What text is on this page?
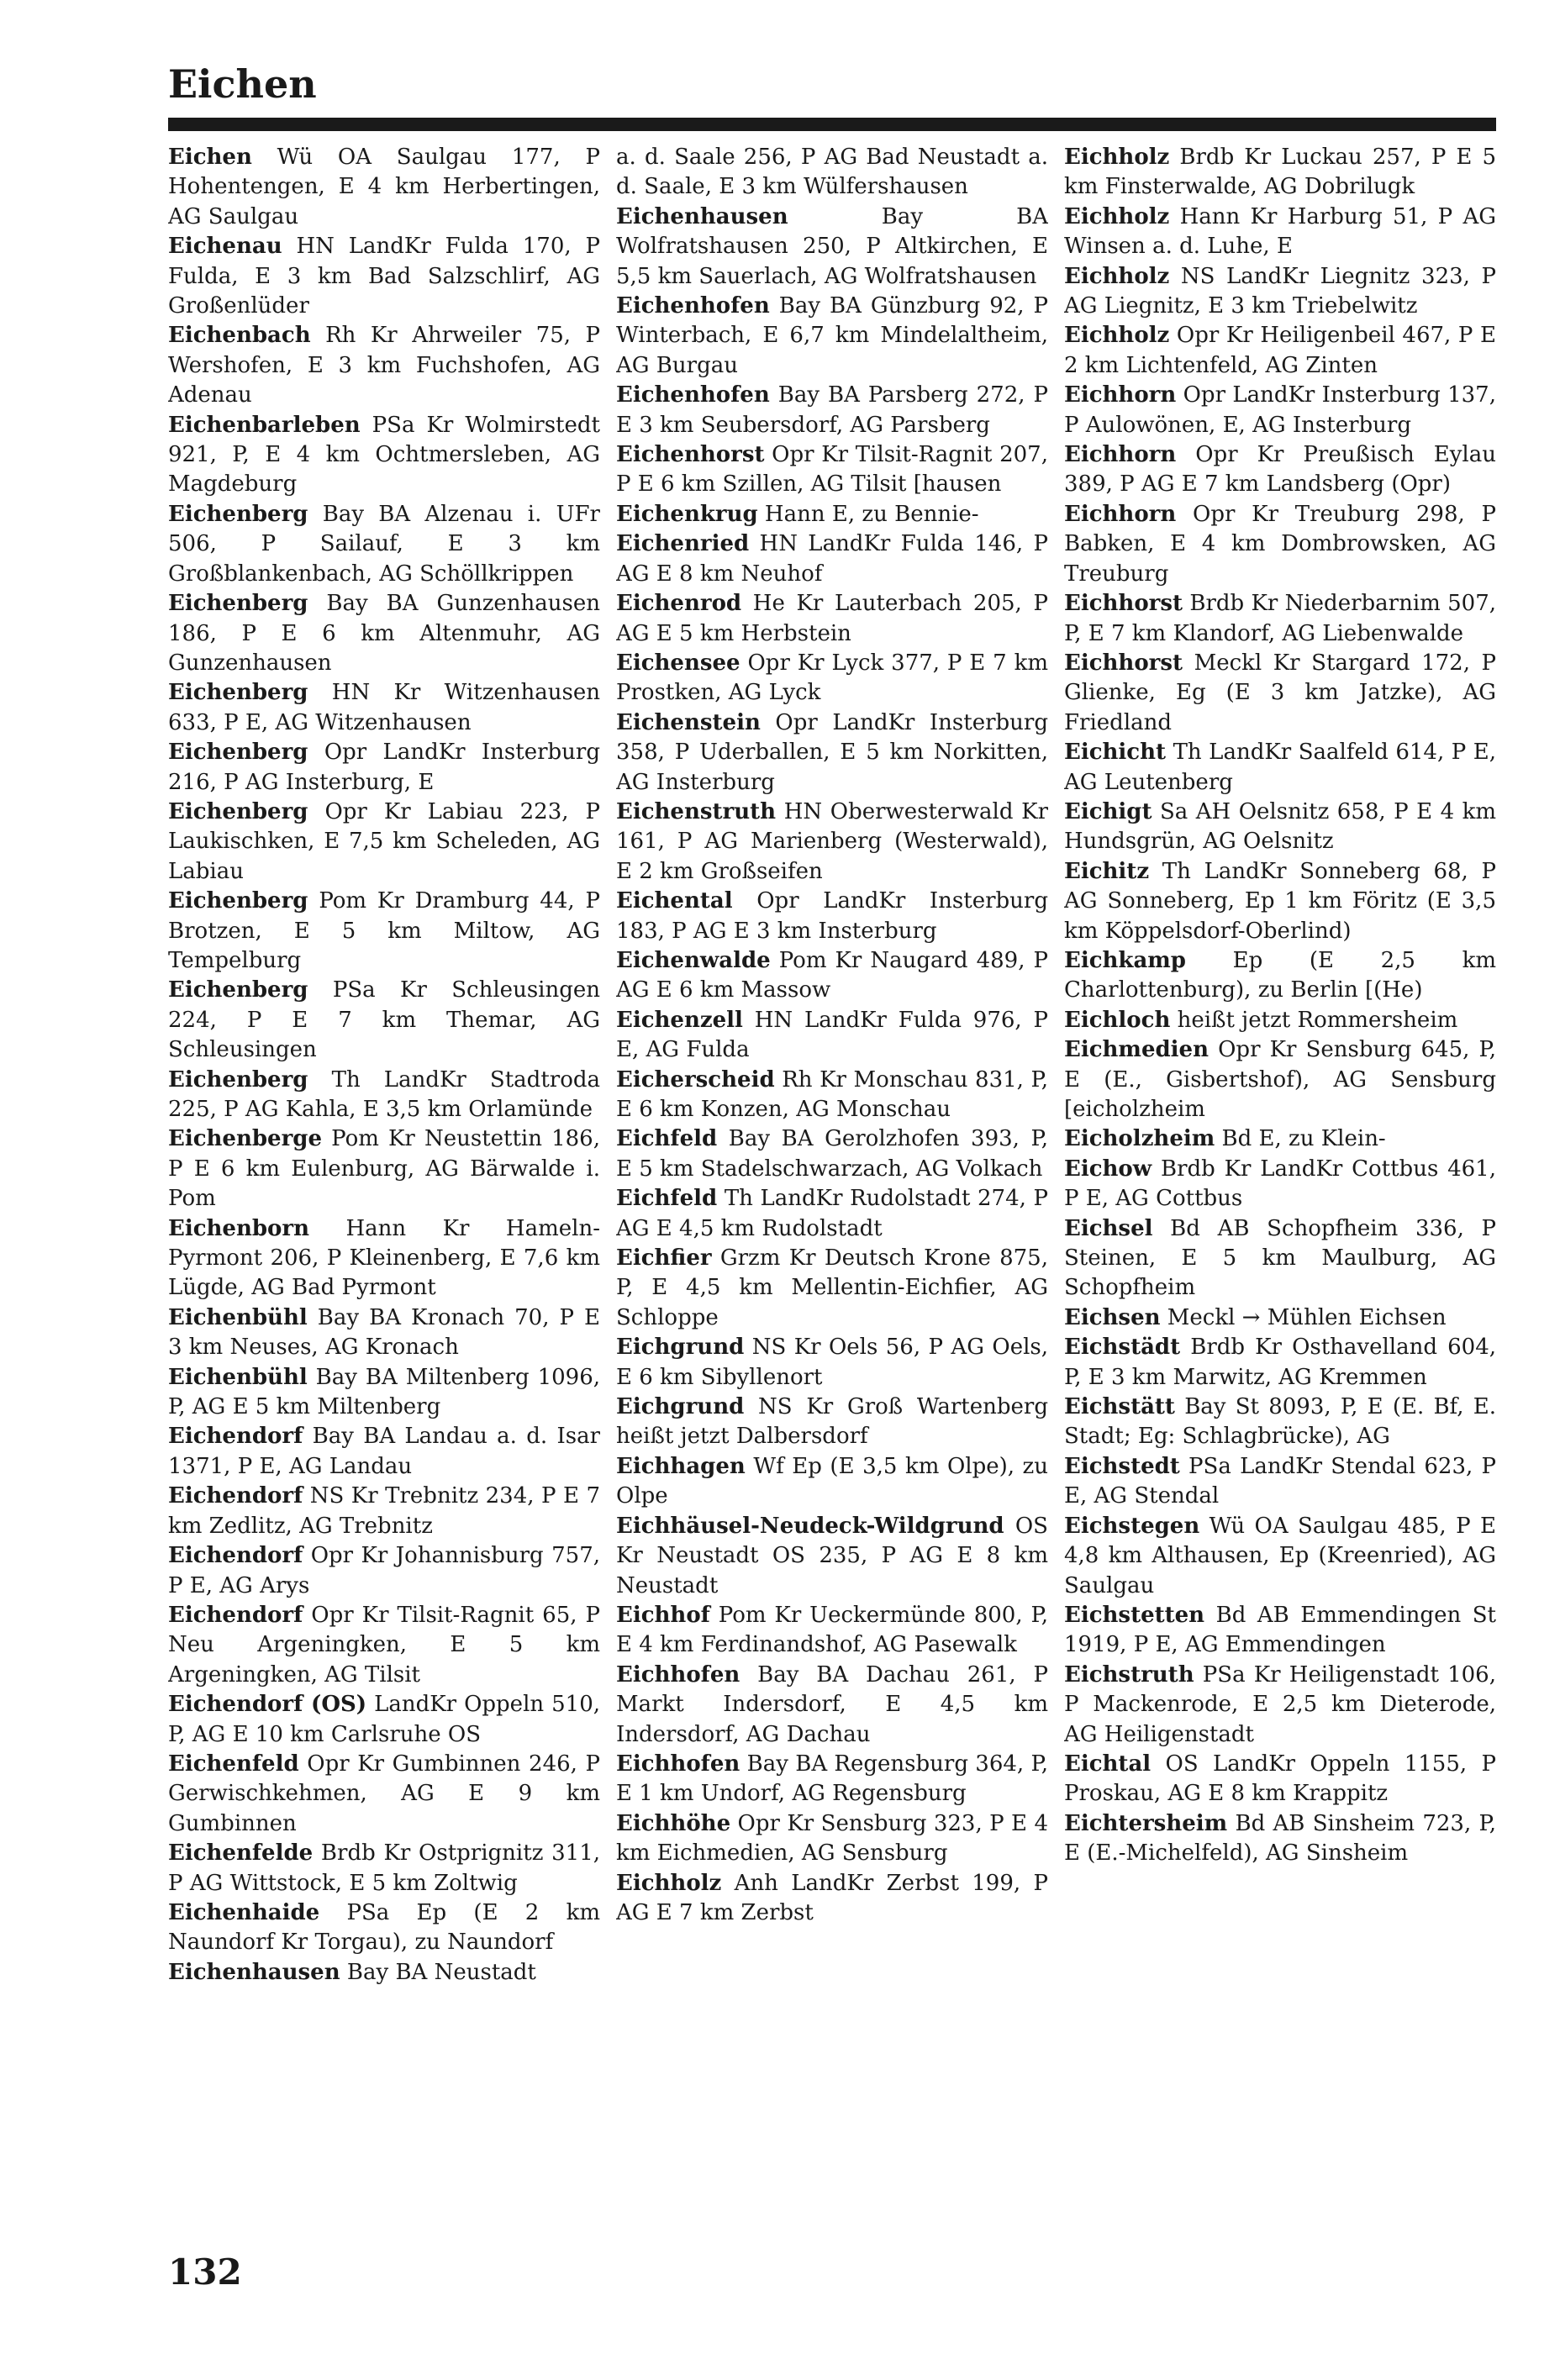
Eichen
Eichen Wü OA Saulgau 177, P Hohentengen, E 4 km Herbertingen, AG Saulgau
Eichenau HN LandKr Fulda 170, P Fulda, E 3 km Bad Salzschlirf, AG Großenlüder
Eichenbach Rh Kr Ahrweiler 75, P Wershofen, E 3 km Fuchshofen, AG Adenau
Eichenbarleben PSa Kr Wolmirstedt 921, P, E 4 km Ochtmersleben, AG Magdeburg
Eichenberg Bay BA Alzenau i. UFr 506, P Sailauf, E 3 km Großblankenbach, AG Schöllkrippen
Eichenberg Bay BA Gunzenhausen 186, P E 6 km Altenmuhr, AG Gunzenhausen
Eichenberg HN Kr Witzenhausen 633, P E, AG Witzenhausen
Eichenberg Opr LandKr Insterburg 216, P AG Insterburg, E
Eichenberg Opr Kr Labiau 223, P Laukischken, E 7,5 km Scheleden, AG Labiau
Eichenberg Pom Kr Dramburg 44, P Brotzen, E 5 km Miltow, AG Tempelburg
Eichenberg PSa Kr Schleusingen 224, P E 7 km Themar, AG Schleusingen
Eichenberg Th LandKr Stadtroda 225, P AG Kahla, E 3,5 km Orlamünde
Eichenberge Pom Kr Neustettin 186, P E 6 km Eulenburg, AG Bärwalde i. Pom
Eichenborn Hann Kr Hameln-Pyrmont 206, P Kleinenberg, E 7,6 km Lügde, AG Bad Pyrmont
Eichenbühl Bay BA Kronach 70, P E 3 km Neuses, AG Kronach
Eichenbühl Bay BA Miltenberg 1096, P, AG E 5 km Miltenberg
Eichendorf Bay BA Landau a. d. Isar 1371, P E, AG Landau
Eichendorf NS Kr Trebnitz 234, P E 7 km Zedlitz, AG Trebnitz
Eichendorf Opr Kr Johannisburg 757, P E, AG Arys
Eichendorf Opr Kr Tilsit-Ragnit 65, P Neu Argeningken, E 5 km Argeningken, AG Tilsit
Eichendorf (OS) LandKr Oppeln 510, P, AG E 10 km Carlsruhe OS
Eichenfeld Opr Kr Gumbinnen 246, P Gerwischkehmen, AG E 9 km Gumbinnen
Eichenfelde Brdb Kr Ostprignitz 311, P AG Wittstock, E 5 km Zoltwig
Eichenhaide PSa Ep (E 2 km Naundorf Kr Torgau), zu Naundorf
Eichenhausen Bay BA Neustadt
a. d. Saale 256, P AG Bad Neustadt a. d. Saale, E 3 km Wülfershausen
Eichenhausen Bay BA Wolfratshausen 250, P Altkirchen, E 5,5 km Sauerlach, AG Wolfratshausen
Eichenhofen Bay BA Günzburg 92, P Winterbach, E 6,7 km Mindelaltheim, AG Burgau
Eichenhofen Bay BA Parsberg 272, P E 3 km Seubersdorf, AG Parsberg
Eichenhorst Opr Kr Tilsit-Ragnit 207, P E 6 km Szillen, AG Tilsit [hausen
Eichenkrug Hann E, zu Bennie-
Eichenried HN LandKr Fulda 146, P AG E 8 km Neuhof
Eichenrod He Kr Lauterbach 205, P AG E 5 km Herbstein
Eichensee Opr Kr Lyck 377, P E 7 km Prostken, AG Lyck
Eichenstein Opr LandKr Insterburg 358, P Uderballen, E 5 km Norkitten, AG Insterburg
Eichenstruth HN Oberwesterwald Kr 161, P AG Marienberg (Westerwald), E 2 km Großseifen
Eichental Opr LandKr Insterburg 183, P AG E 3 km Insterburg
Eichenwalde Pom Kr Naugard 489, P AG E 6 km Massow
Eichenzell HN LandKr Fulda 976, P E, AG Fulda
Eicherscheid Rh Kr Monschau 831, P, E 6 km Konzen, AG Monschau
Eichfeld Bay BA Gerolzhofen 393, P, E 5 km Stadelschwarzach, AG Volkach
Eichfeld Th LandKr Rudolstadt 274, P AG E 4,5 km Rudolstadt
Eichfier Grzm Kr Deutsch Krone 875, P, E 4,5 km Mellentin-Eichfier, AG Schloppe
Eichgrund NS Kr Oels 56, P AG Oels, E 6 km Sibyllenort
Eichgrund NS Kr Groß Wartenberg heißt jetzt Dalbersdorf
Eichhagen Wf Ep (E 3,5 km Olpe), zu Olpe
Eichhäusel-Neudeck-Wildgrund OS Kr Neustadt OS 235, P AG E 8 km Neustadt
Eichhof Pom Kr Ueckermünde 800, P, E 4 km Ferdinandshof, AG Pasewalk
Eichhofen Bay BA Dachau 261, P Markt Indersdorf, E 4,5 km Indersdorf, AG Dachau
Eichhofen Bay BA Regensburg 364, P, E 1 km Undorf, AG Regensburg
Eichhöhe Opr Kr Sensburg 323, P E 4 km Eichmedien, AG Sensburg
Eichholz Anh LandKr Zerbst 199, P AG E 7 km Zerbst
Eichholz Brdb Kr Luckau 257, P E 5 km Finsterwalde, AG Dobrilugk
Eichholz Hann Kr Harburg 51, P AG Winsen a. d. Luhe, E
Eichholz NS LandKr Liegnitz 323, P AG Liegnitz, E 3 km Triebelwitz
Eichholz Opr Kr Heiligenbeil 467, P E 2 km Lichtenfeld, AG Zinten
Eichhorn Opr LandKr Insterburg 137, P Aulowönen, E, AG Insterburg
Eichhorn Opr Kr Preußisch Eylau 389, P AG E 7 km Landsberg (Opr)
Eichhorn Opr Kr Treuburg 298, P Babken, E 4 km Dombrowsken, AG Treuburg
Eichhorst Brdb Kr Niederbarnim 507, P, E 7 km Klandorf, AG Liebenwalde
Eichhorst Meckl Kr Stargard 172, P Glienke, Eg (E 3 km Jatzke), AG Friedland
Eichicht Th LandKr Saalfeld 614, P E, AG Leutenberg
Eichigt Sa AH Oelsnitz 658, P E 4 km Hundsgrün, AG Oelsnitz
Eichitz Th LandKr Sonneberg 68, P AG Sonneberg, Ep 1 km Föritz (E 3,5 km Köppelsdorf-Oberlind)
Eichkamp Ep (E 2,5 km Charlottenburg), zu Berlin [(He)
Eichloch heißt jetzt Rommersheim
Eichmedien Opr Kr Sensburg 645, P, E (E., Gisbertshof), AG Sensburg [eicholzheim
Eicholzheim Bd E, zu Klein-
Eichow Brdb Kr LandKr Cottbus 461, P E, AG Cottbus
Eichsel Bd AB Schopfheim 336, P Steinen, E 5 km Maulburg, AG Schopfheim
Eichsen Meckl → Mühlen Eichsen
Eichstädt Brdb Kr Osthavelland 604, P, E 3 km Marwitz, AG Kremmen
Eichstätt Bay St 8093, P, E (E. Bf, E. Stadt; Eg: Schlagbrücke), AG
Eichstedt PSa LandKr Stendal 623, P E, AG Stendal
Eichstegen Wü OA Saulgau 485, P E 4,8 km Althausen, Ep (Kreenried), AG Saulgau
Eichstetten Bd AB Emmendingen St 1919, P E, AG Emmendingen
Eichstruth PSa Kr Heiligenstadt 106, P Mackenrode, E 2,5 km Dieterode, AG Heiligenstadt
Eichtal OS LandKr Oppeln 1155, P Proskau, AG E 8 km Krappitz
Eichtersheim Bd AB Sinsheim 723, P, E (E.-Michelfeld), AG Sinsheim
132
